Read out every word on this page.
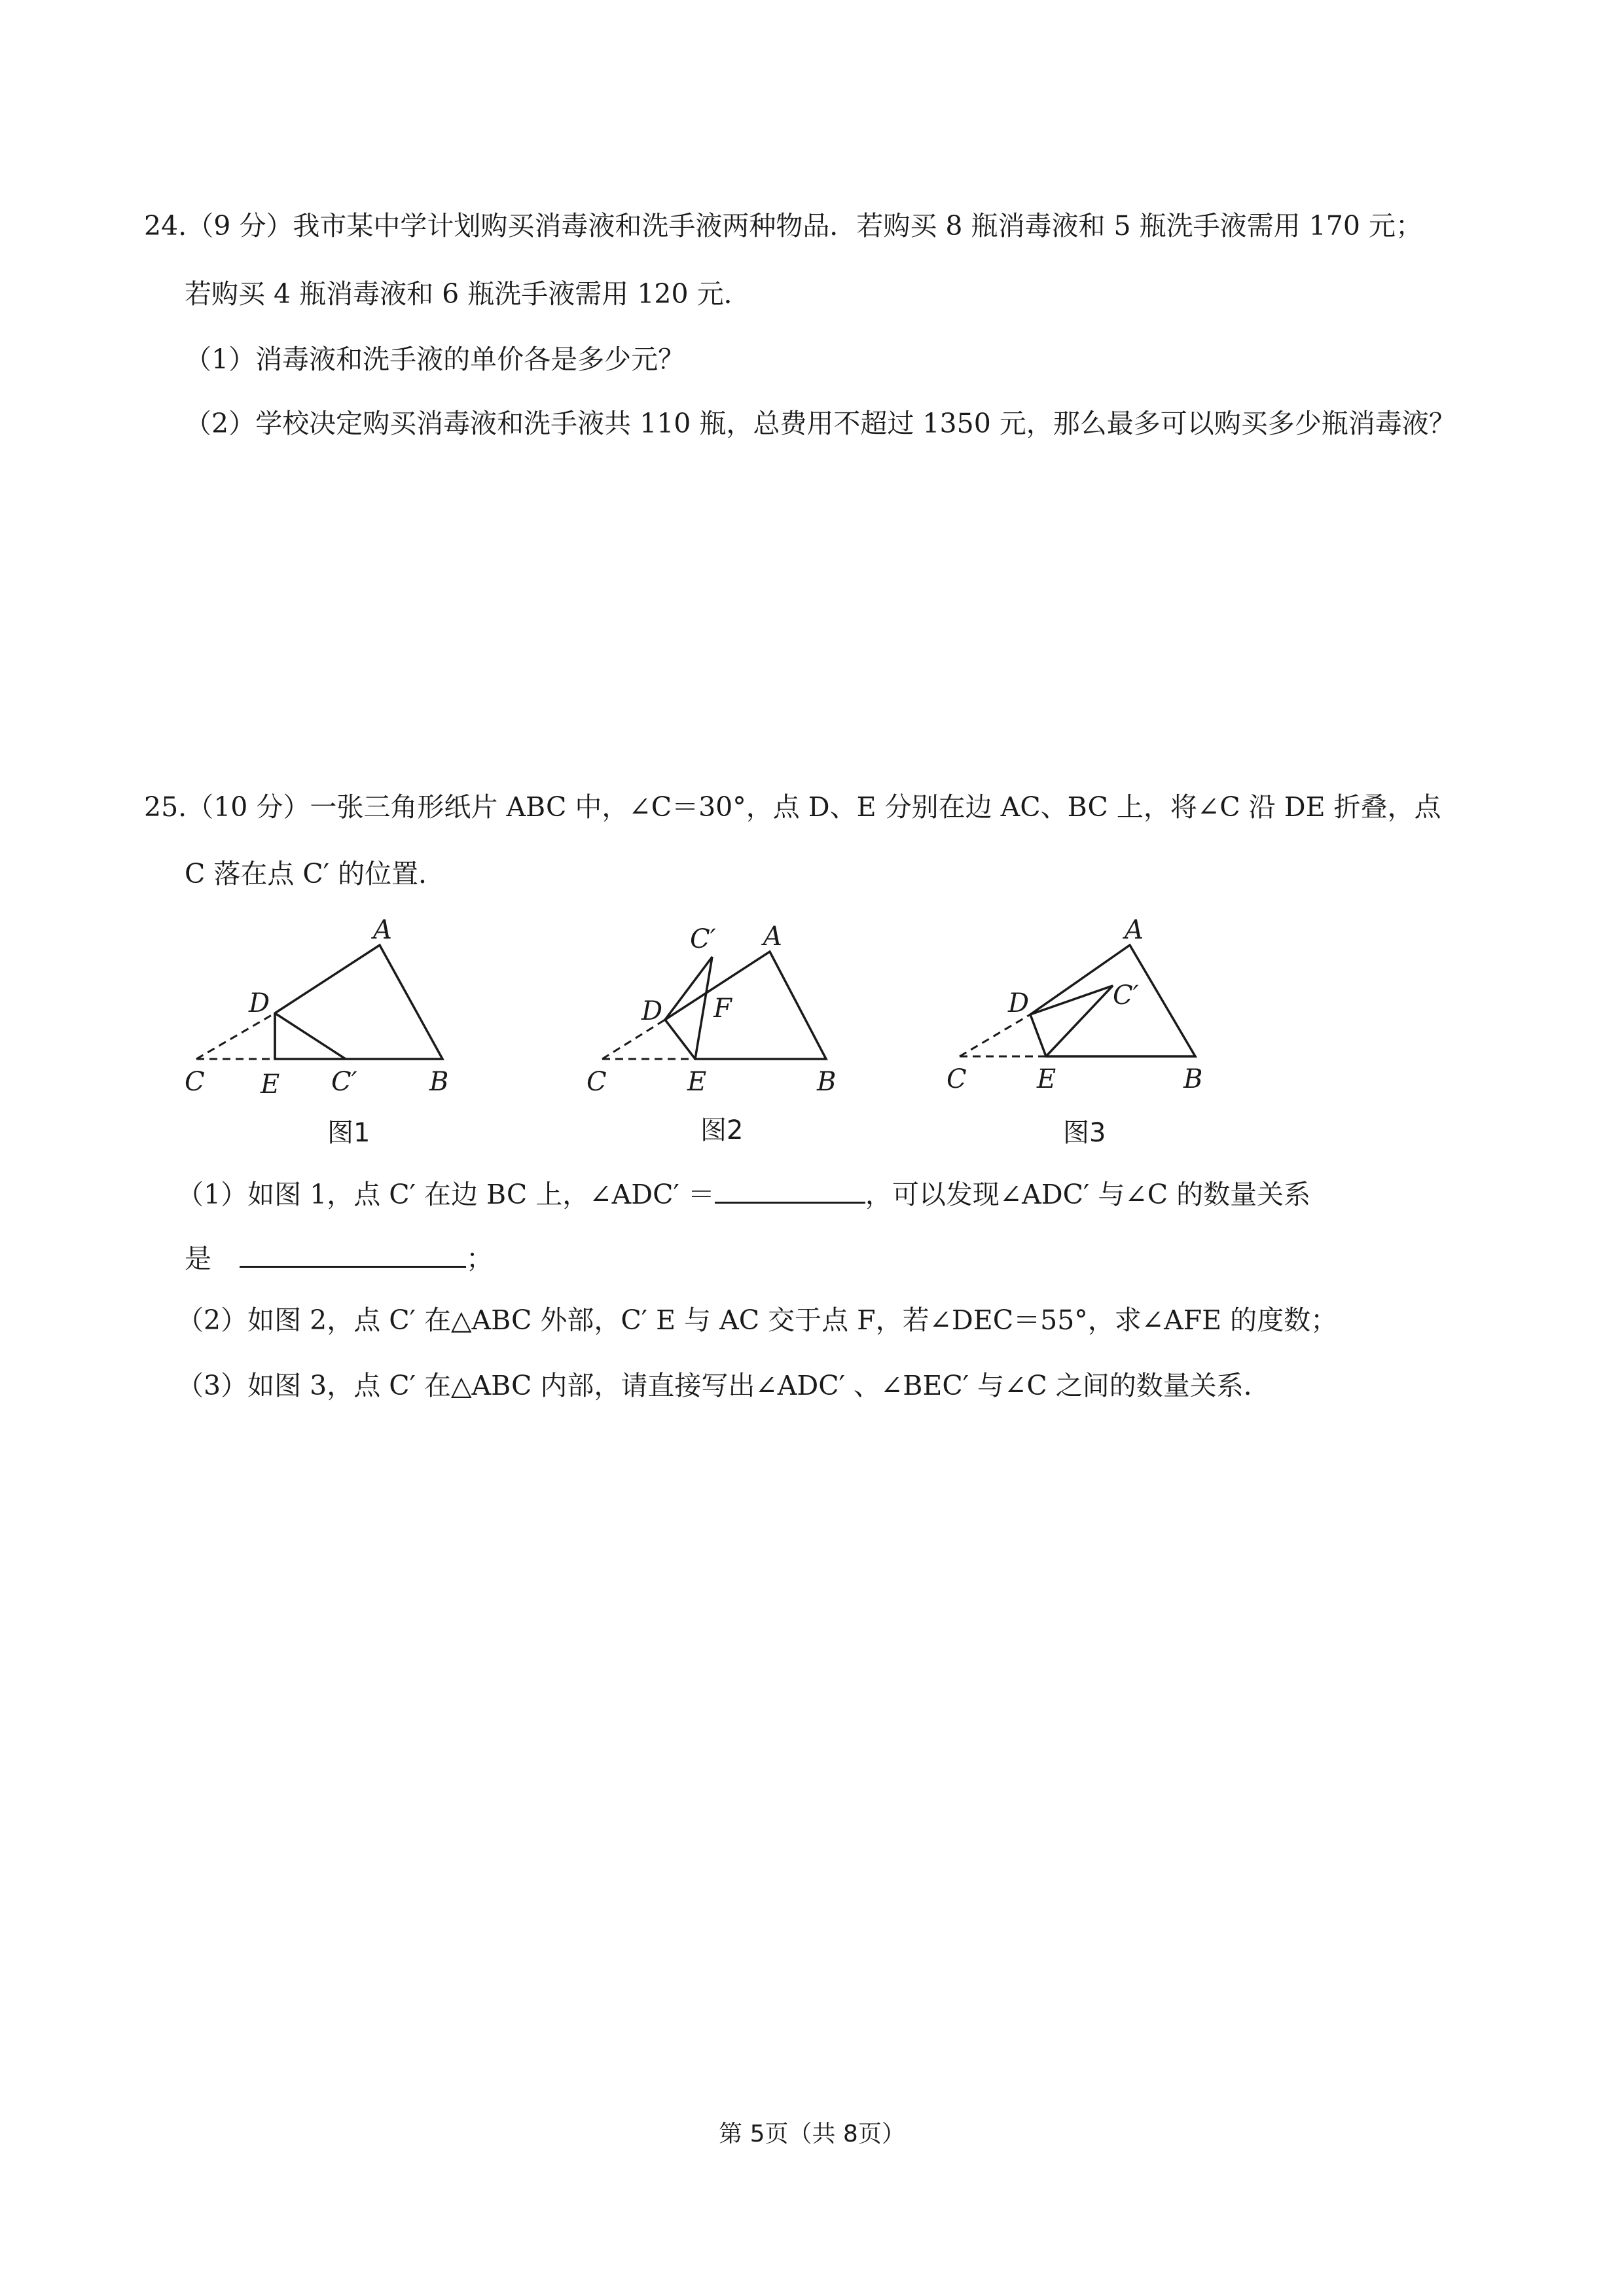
24.（9 分）我市某中学计划购买消毒液和洗手液两种物品．若购买 8 瓶消毒液和 5 瓶洗手液需用 170 元；
若购买 4 瓶消毒液和 6 瓶洗手液需用 120 元．
（1）消毒液和洗手液的单价各是多少元？
（2）学校决定购买消毒液和洗手液共 110 瓶，总费用不超过 1350 元，那么最多可以购买多少瓶消毒液？
25.（10 分）一张三角形纸片 ABC 中，∠C＝30°，点 D、E 分别在边 AC、BC 上，将∠C 沿 DE 折叠，点
C 落在点 C′ 的位置．
A
D
C E C′	B
图1
C′ A
D F
C	E	B
图2
A
C′
D
C	E	B
图3
（1）如图 1，点 C′ 在边 BC 上，∠ADC′ ＝	，可以发现∠ADC′ 与∠C 的数量关系
是	；
（2）如图 2，点 C′ 在△ABC 外部，C′ E 与 AC 交于点 F，若∠DEC＝55°，求∠AFE 的度数；
（3）如图 3，点 C′ 在△ABC 内部，请直接写出∠ADC′ 、∠BEC′ 与∠C 之间的数量关系．
第 5页（共 8页）
